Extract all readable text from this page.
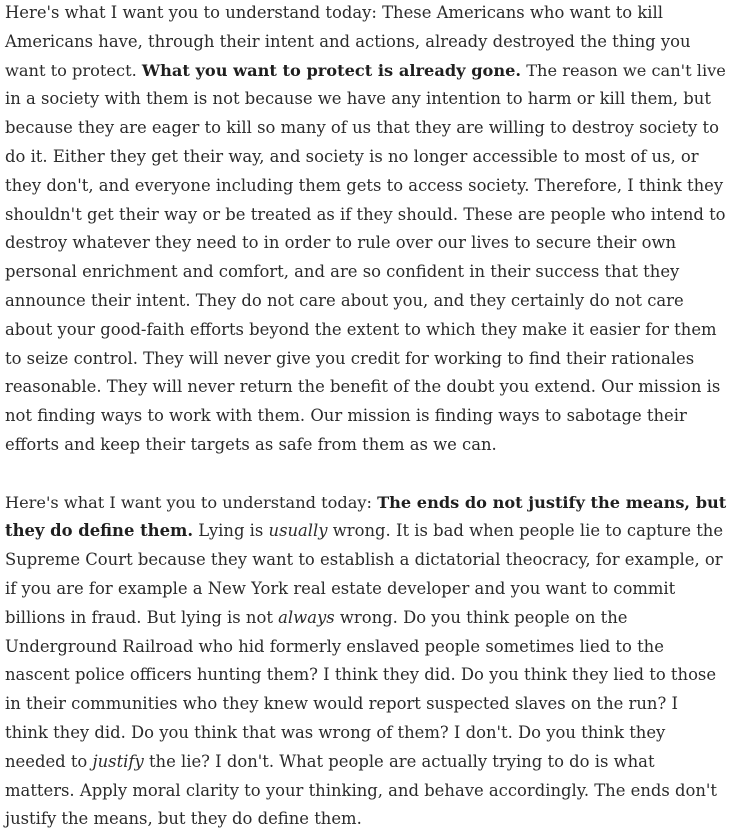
Here's what I want you to understand today: These Americans who want to kill
Americans have, through their intent and actions, already destroyed the thing you
want to protect. What you want to protect is already gone. The reason we can't live
in a society with them is not because we have any intention to harm or kill them, but
because they are eager to kill so many of us that they are willing to destroy society to
do it. Either they get their way, and society is no longer accessible to most of us, or
they don't, and everyone including them gets to access society. Therefore, I think they
shouldn't get their way or be treated as if they should. These are people who intend to
destroy whatever they need to in order to rule over our lives to secure their own
personal enrichment and comfort, and are so confident in their success that they
announce their intent. They do not care about you, and they certainly do not care
about your good-faith efforts beyond the extent to which they make it easier for them
to seize control. They will never give you credit for working to find their rationales
reasonable. They will never return the benefit of the doubt you extend. Our mission is
not finding ways to work with them. Our mission is finding ways to sabotage their
efforts and keep their targets as safe from them as we can.

Here's what I want you to understand today: The ends do not justify the means, but
they do define them. Lying is usually wrong. It is bad when people lie to capture the
Supreme Court because they want to establish a dictatorial theocracy, for example, or
if you are for example a New York real estate developer and you want to commit
billions in fraud. But lying is not always wrong. Do you think people on the
Underground Railroad who hid formerly enslaved people sometimes lied to the
nascent police officers hunting them? I think they did. Do you think they lied to those
in their communities who they knew would report suspected slaves on the run? I
think they did. Do you think that was wrong of them? I don't. Do you think they
needed to justify the lie? I don't. What people are actually trying to do is what
matters. Apply moral clarity to your thinking, and behave accordingly. The ends don't
justify the means, but they do define them.
